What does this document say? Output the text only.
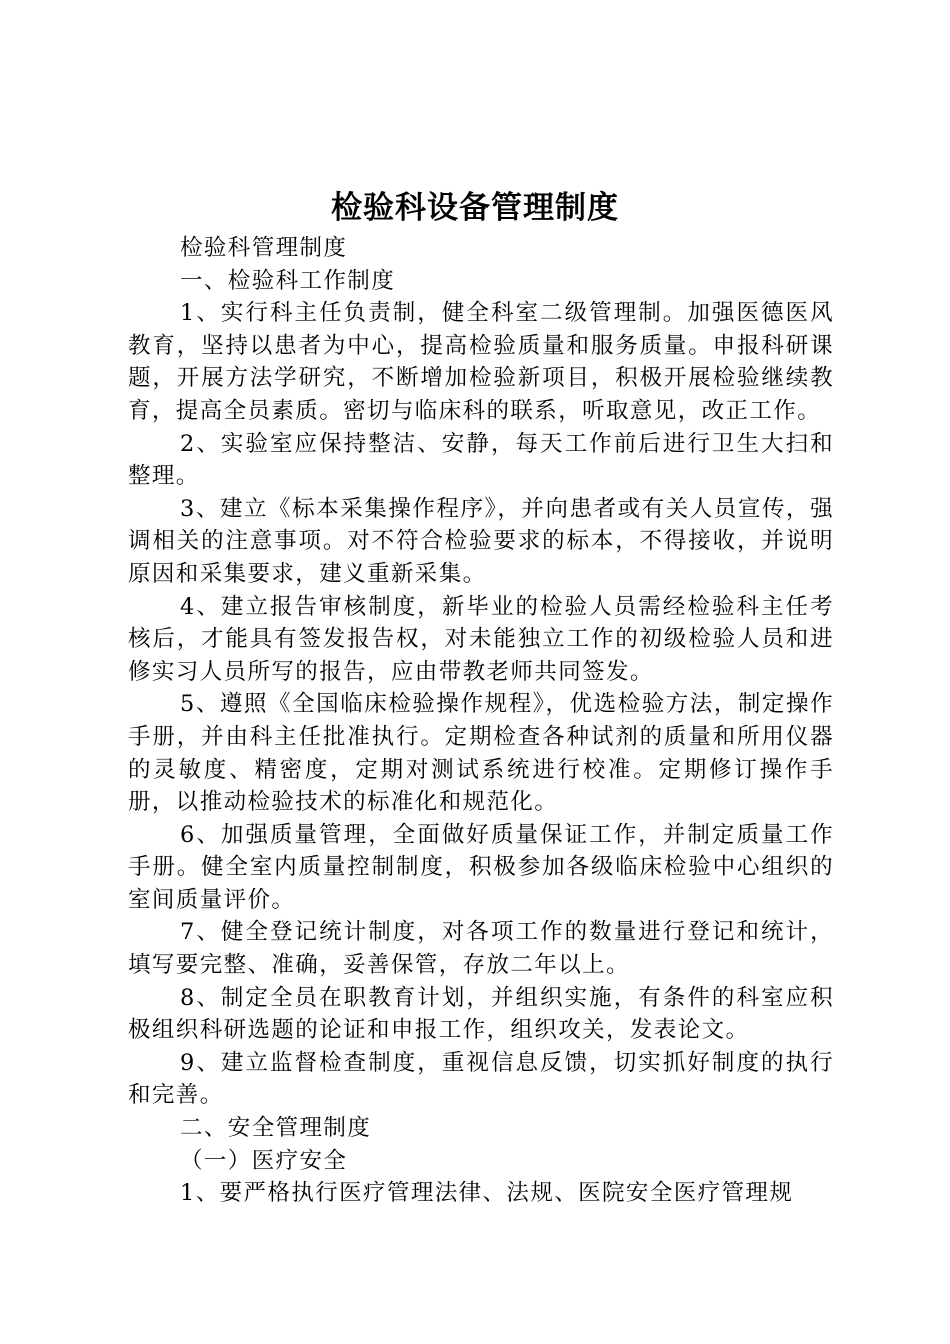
检验科设备管理制度

检验科管理制度

一、检验科工作制度

1、实行科主任负责制，健全科室二级管理制。加强医德医风教育，坚持以患者为中心，提高检验质量和服务质量。申报科研课题，开展方法学研究，不断增加检验新项目，积极开展检验继续教育，提高全员素质。密切与临床科的联系，听取意见，改正工作。

2、实验室应保持整洁、安静，每天工作前后进行卫生大扫和整理。

3、建立《标本采集操作程序》，并向患者或有关人员宣传，强调相关的注意事项。对不符合检验要求的标本，不得接收，并说明原因和采集要求，建义重新采集。

4、建立报告审核制度，新毕业的检验人员需经检验科主任考核后，才能具有签发报告权，对未能独立工作的初级检验人员和进修实习人员所写的报告，应由带教老师共同签发。

5、遵照《全国临床检验操作规程》，优选检验方法，制定操作手册，并由科主任批准执行。定期检查各种试剂的质量和所用仪器的灵敏度、精密度，定期对测试系统进行校准。定期修订操作手册，以推动检验技术的标准化和规范化。

6、加强质量管理，全面做好质量保证工作，并制定质量工作手册。健全室内质量控制制度，积极参加各级临床检验中心组织的室间质量评价。

7、健全登记统计制度，对各项工作的数量进行登记和统计，填写要完整、准确，妥善保管，存放二年以上。

8、制定全员在职教育计划，并组织实施，有条件的科室应积极组织科研选题的论证和申报工作，组织攻关，发表论文。

9、建立监督检查制度，重视信息反馈，切实抓好制度的执行和完善。

二、安全管理制度

（一）医疗安全

1、要严格执行医疗管理法律、法规、医院安全医疗管理规
